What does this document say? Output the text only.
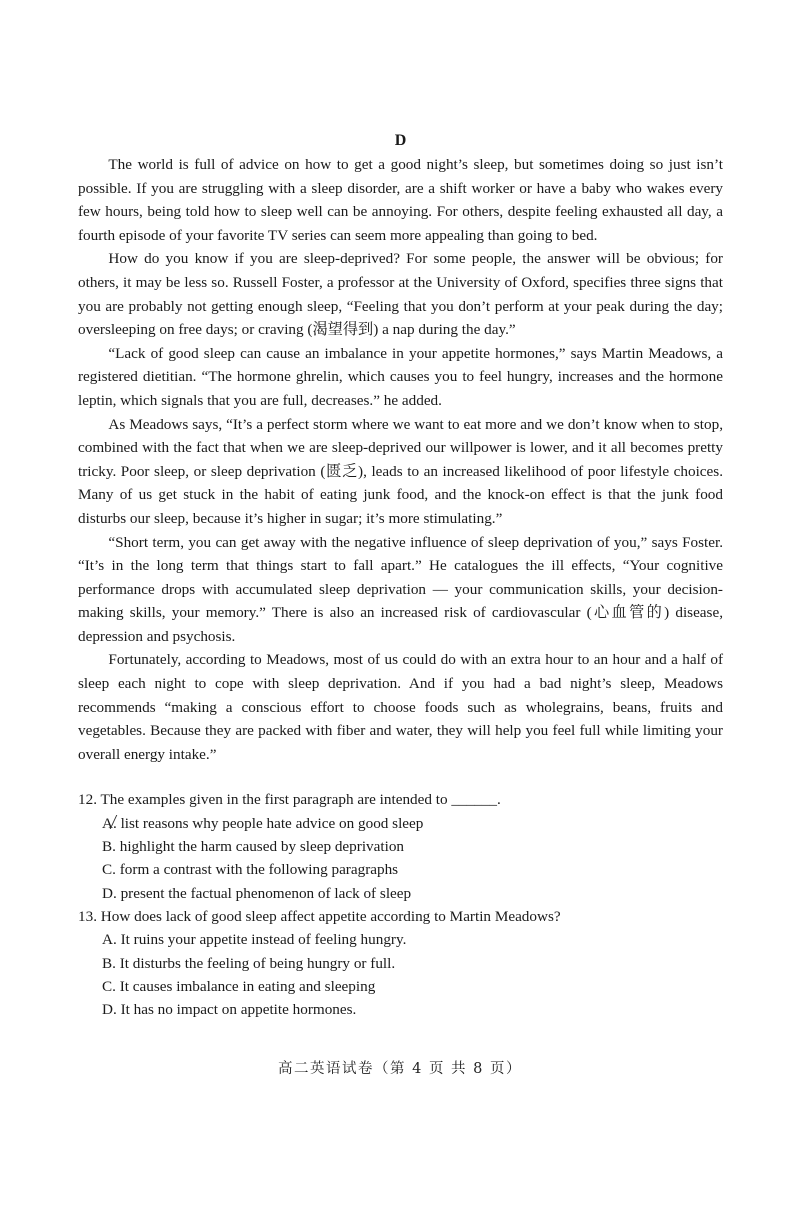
D

The world is full of advice on how to get a good night’s sleep, but sometimes doing so just isn’t possible. If you are struggling with a sleep disorder, are a shift worker or have a baby who wakes every few hours, being told how to sleep well can be annoying. For others, despite feeling exhausted all day, a fourth episode of your favorite TV series can seem more appealing than going to bed.

How do you know if you are sleep-deprived? For some people, the answer will be obvious; for others, it may be less so. Russell Foster, a professor at the University of Oxford, specifies three signs that you are probably not getting enough sleep, “Feeling that you don’t perform at your peak during the day; oversleeping on free days; or craving (渴望得到) a nap during the day.”

“Lack of good sleep can cause an imbalance in your appetite hormones,” says Martin Meadows, a registered dietitian. “The hormone ghrelin, which causes you to feel hungry, increases and the hormone leptin, which signals that you are full, decreases.” he added.

As Meadows says, “It’s a perfect storm where we want to eat more and we don’t know when to stop, combined with the fact that when we are sleep-deprived our willpower is lower, and it all becomes pretty tricky. Poor sleep, or sleep deprivation (匮乏), leads to an increased likelihood of poor lifestyle choices. Many of us get stuck in the habit of eating junk food, and the knock-on effect is that the junk food disturbs our sleep, because it’s higher in sugar; it’s more stimulating.”

“Short term, you can get away with the negative influence of sleep deprivation of you,” says Foster. “It’s in the long term that things start to fall apart.” He catalogues the ill effects, “Your cognitive performance drops with accumulated sleep deprivation — your communication skills, your decision-making skills, your memory.” There is also an increased risk of cardiovascular (心血管的) disease, depression and psychosis.

Fortunately, according to Meadows, most of us could do with an extra hour to an hour and a half of sleep each night to cope with sleep deprivation. And if you had a bad night’s sleep, Meadows recommends “making a conscious effort to choose foods such as wholegrains, beans, fruits and vegetables. Because they are packed with fiber and water, they will help you feel full while limiting your overall energy intake.”

12. The examples given in the first paragraph are intended to ______.

A. list reasons why people hate advice on good sleep
B. highlight the harm caused by sleep deprivation
C. form a contrast with the following paragraphs
D. present the factual phenomenon of lack of sleep

13. How does lack of good sleep affect appetite according to Martin Meadows?

A. It ruins your appetite instead of feeling hungry.
B. It disturbs the feeling of being hungry or full.
C. It causes imbalance in eating and sleeping
D. It has no impact on appetite hormones.
高二英语试卷（第 4 页 共 8 页）
